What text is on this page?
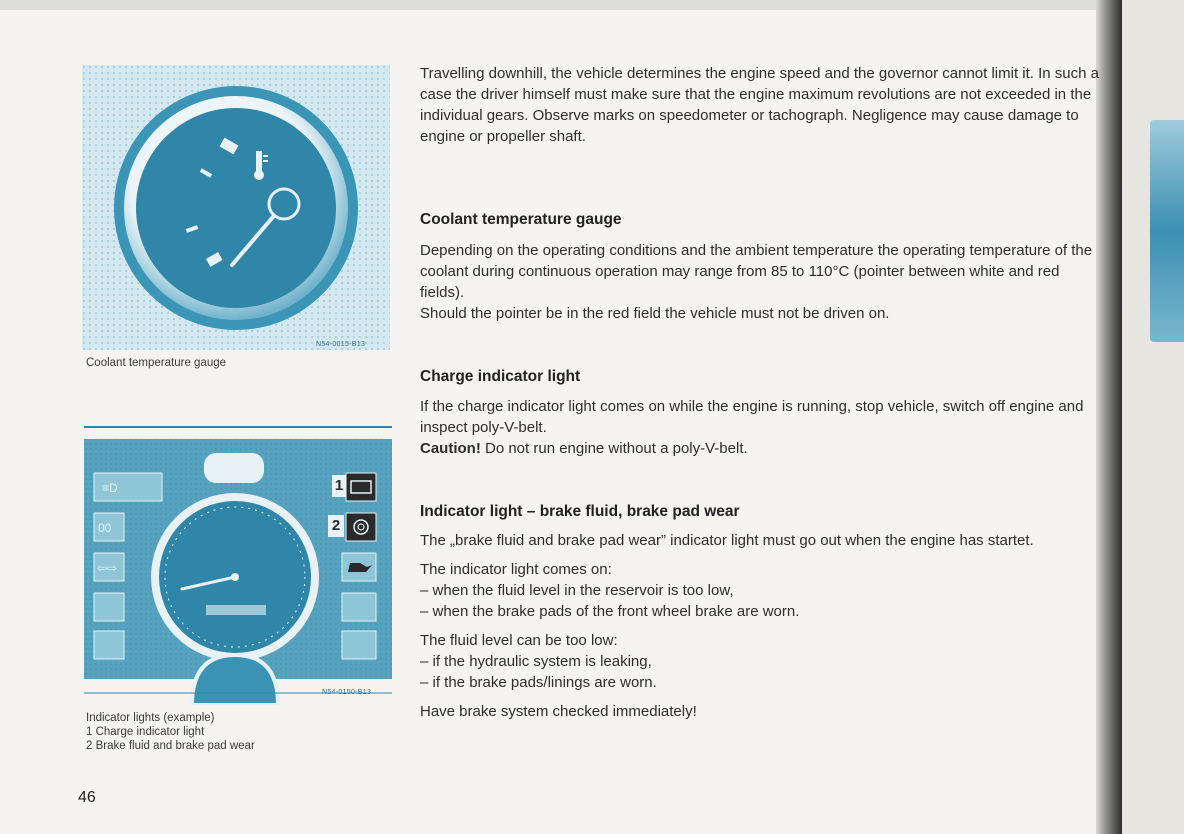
N54-0015-B13
Coolant temperature gauge
≡D
00
⇦⇨
1
2
N54-0150-B13
Indicator lights (example)
1 Charge indicator light
2 Brake fluid and brake pad wear

Travelling downhill, the vehicle determines the engine speed and the governor cannot limit it. In such a case the driver himself must make sure that the engine maximum revolutions are not exceeded in the individual gears. Observe marks on speedometer or tachograph. Negligence may cause damage to engine or propeller shaft.

Coolant temperature gauge

Depending on the operating conditions and the ambient temperature the operating temperature of the coolant during continuous operation may range from 85 to 110°C (pointer between white and red fields).

Should the pointer be in the red field the vehicle must not be driven on.

Charge indicator light

If the charge indicator light comes on while the engine is running, stop vehicle, switch off engine and inspect poly-V-belt.

Caution! Do not run engine without a poly-V-belt.

Indicator light – brake fluid, brake pad wear

The „brake fluid and brake pad wear” indicator light must go out when the engine has startet.

The indicator light comes on:

– when the fluid level in the reservoir is too low,

– when the brake pads of the front wheel brake are worn.

The fluid level can be too low:

– if the hydraulic system is leaking,

– if the brake pads/linings are worn.

Have brake system checked immediately!

46
